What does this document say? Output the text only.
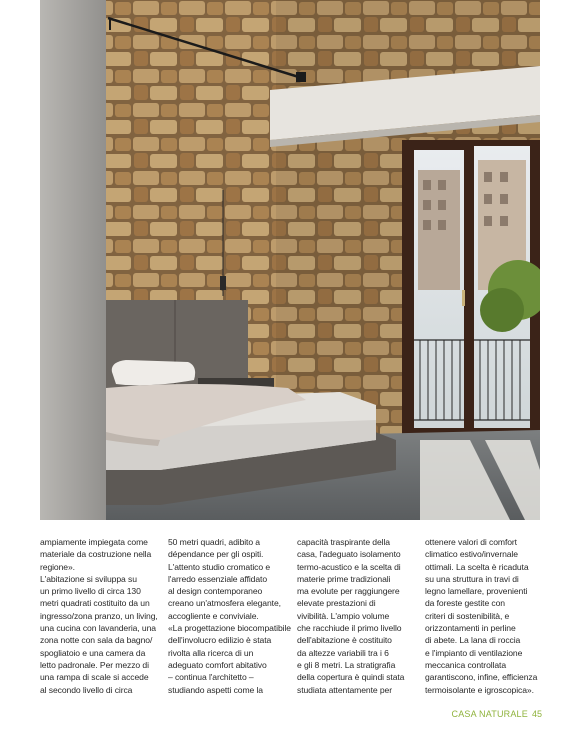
ampiamente impiegata come
materiale da costruzione nella
regione».
L'abitazione si sviluppa su
un primo livello di circa 130
metri quadrati costituito da un
ingresso/zona pranzo, un living,
una cucina con lavanderia, una
zona notte con sala da bagno/
spogliatoio e una camera da
letto padronale. Per mezzo di
una rampa di scale si accede
al secondo livello di circa
50 metri quadri, adibito a
dépendance per gli ospiti.
L'attento studio cromatico e
l'arredo essenziale affidato
al design contemporaneo
creano un'atmosfera elegante,
accogliente e conviviale.
«La progettazione biocompatibile
dell'involucro edilizio è stata
rivolta alla ricerca di un
adeguato comfort abitativo
– continua l'architetto –
studiando aspetti come la
capacità traspirante della
casa, l'adeguato isolamento
termo-acustico e la scelta di
materie prime tradizionali
ma evolute per raggiungere
elevate prestazioni di
vivibilità. L'ampio volume
che racchiude il primo livello
dell'abitazione è costituito
da altezze variabili tra i 6
e gli 8 metri. La stratigrafia
della copertura è quindi stata
studiata attentamente per
ottenere valori di comfort
climatico estivo/invernale
ottimali. La scelta è ricaduta
su una struttura in travi di
legno lamellare, provenienti
da foreste gestite con
criteri di sostenibilità, e
orizzontamenti in perline
di abete. La lana di roccia
e l'impianto di ventilazione
meccanica controllata
garantiscono, infine, efficienza
termoisolante e igroscopica».
CASA NATURALE 45
